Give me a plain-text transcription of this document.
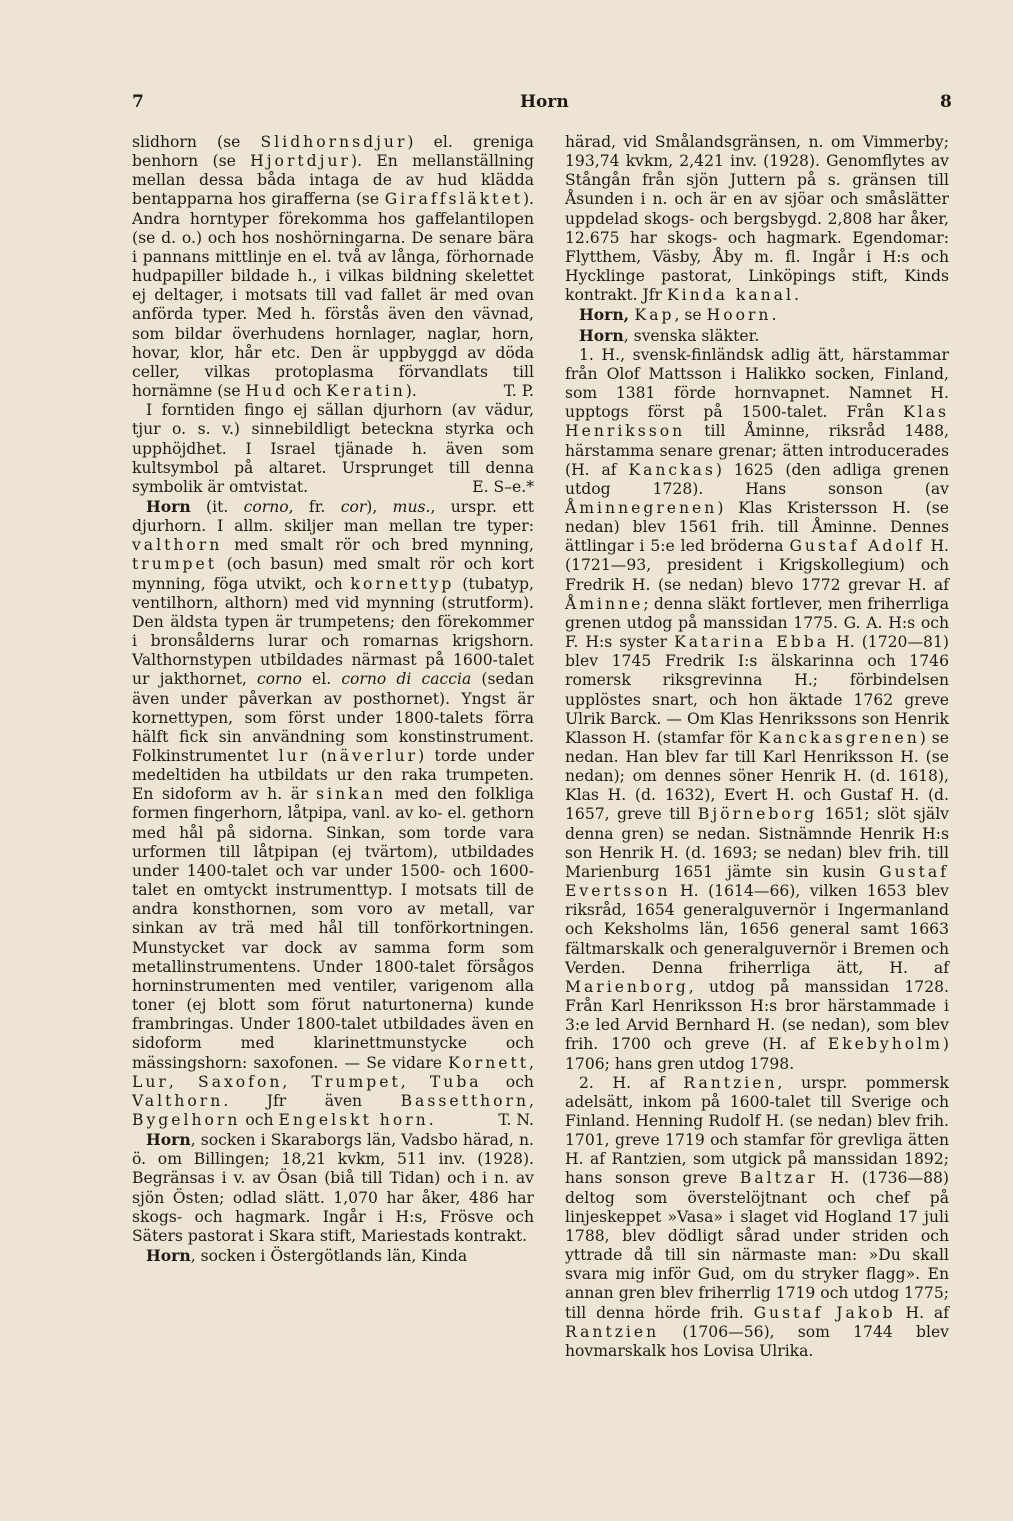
7	Horn	8

slidhorn (se Slidhornsdjur) el. greniga benhorn (se Hjortdjur). En mellanställning mellan dessa båda intaga de av hud klädda bentapparna hos girafferna (se Giraffsläktet). Andra horntyper förekomma hos gaffelantilopen (se d. o.) och hos noshörningarna. De senare bära i pannans mittlinje en el. två av långa, förhornade hudpapiller bildade h., i vilkas bildning skelettet ej deltager, i motsats till vad fallet är med ovan anförda typer. Med h. förstås även den vävnad, som bildar överhudens hornlager, naglar, horn, hovar, klor, hår etc. Den är uppbyggd av döda celler, vilkas protoplasma förvandlats till hornämne (se Hud och Keratin).	T. P.

I forntiden fingo ej sällan djurhorn (av vädur, tjur o. s. v.) sinnebildligt beteckna styrka och upphöjdhet. I Israel tjänade h. även som kultsymbol på altaret. Ursprunget till denna symbolik är omtvistat.	E. S–e.*

Horn (it. corno, fr. cor), mus., urspr. ett djurhorn. I allm. skiljer man mellan tre typer: valthorn med smalt rör och bred mynning, trumpet (och basun) med smalt rör och kort mynning, föga utvikt, och kornettyp (tubatyp, ventilhorn, althorn) med vid mynning (strutform). Den äldsta typen är trumpetens; den förekommer i bronsålderns lurar och romarnas krigshorn. Valthornstypen utbildades närmast på 1600-talet ur jakthornet, corno el. corno di caccia (sedan även under påverkan av posthornet). Yngst är kornettypen, som först under 1800-talets förra hälft fick sin användning som konstinstrument. Folkinstrumentet lur (näverlur) torde under medeltiden ha utbildats ur den raka trumpeten. En sidoform av h. är sinkan med den folkliga formen fingerhorn, låtpipa, vanl. av ko- el. gethorn med hål på sidorna. Sinkan, som torde vara urformen till låtpipan (ej tvärtom), utbildades under 1400-talet och var under 1500- och 1600-talet en omtyckt instrumenttyp. I motsats till de andra konsthornen, som voro av metall, var sinkan av trä med hål till tonförkortningen. Munstycket var dock av samma form som metallinstrumentens. Under 1800-talet försågos horninstrumenten med ventiler, varigenom alla toner (ej blott som förut naturtonerna) kunde frambringas. Under 1800-talet utbildades även en sidoform med klarinettmunstycke och mässingshorn: saxofonen. — Se vidare Kornett, Lur, Saxofon, Trumpet, Tuba och Valthorn. Jfr även Bassetthorn, Bygelhorn och Engelskt horn.	T. N.

Horn, socken i Skaraborgs län, Vadsbo härad, n. ö. om Billingen; 18,21 kvkm, 511 inv. (1928). Begränsas i v. av Ösan (biå till Tidan) och i n. av sjön Östen; odlad slätt. 1,070 har åker, 486 har skogs- och hagmark. Ingår i H:s, Frösve och Säters pastorat i Skara stift, Mariestads kontrakt.

Horn, socken i Östergötlands län, Kinda

härad, vid Smålandsgränsen, n. om Vimmerby; 193,74 kvkm, 2,421 inv. (1928). Genomflytes av Stångån från sjön Juttern på s. gränsen till Åsunden i n. och är en av sjöar och småslätter uppdelad skogs- och bergsbygd. 2,808 har åker, 12.675 har skogs- och hagmark. Egendomar: Flytthem, Väsby, Åby m. fl. Ingår i H:s och Hycklinge pastorat, Linköpings stift, Kinds kontrakt. Jfr Kinda kanal.

Horn, Kap, se Hoorn.

Horn, svenska släkter.

1. H., svensk-finländsk adlig ätt, härstammar från Olof Mattsson i Halikko socken, Finland, som 1381 förde hornvapnet. Namnet H. upptogs först på 1500-talet. Från Klas Henriksson till Åminne, riksråd 1488, härstamma senare grenar; ätten introducerades (H. af Kanckas) 1625 (den adliga grenen utdog 1728). Hans sonson (av Åminnegrenen) Klas Kristersson H. (se nedan) blev 1561 frih. till Åminne. Dennes ättlingar i 5:e led bröderna Gustaf Adolf H. (1721—93, president i Krigskollegium) och Fredrik H. (se nedan) blevo 1772 grevar H. af Åminne; denna släkt fortlever, men friherrliga grenen utdog på manssidan 1775. G. A. H:s och F. H:s syster Katarina Ebba H. (1720—81) blev 1745 Fredrik I:s älskarinna och 1746 romersk riksgrevinna H.; förbindelsen upplöstes snart, och hon äktade 1762 greve Ulrik Barck. — Om Klas Henrikssons son Henrik Klasson H. (stamfar för Kanckasgrenen) se nedan. Han blev far till Karl Henriksson H. (se nedan); om dennes söner Henrik H. (d. 1618), Klas H. (d. 1632), Evert H. och Gustaf H. (d. 1657, greve till Björneborg 1651; slöt själv denna gren) se nedan. Sistnämnde Henrik H:s son Henrik H. (d. 1693; se nedan) blev frih. till Marienburg 1651 jämte sin kusin Gustaf Evertsson H. (1614—66), vilken 1653 blev riksråd, 1654 generalguvernör i Ingermanland och Keksholms län, 1656 general samt 1663 fältmarskalk och generalguvernör i Bremen och Verden. Denna friherrliga ätt, H. af Marienborg, utdog på manssidan 1728. Från Karl Henriksson H:s bror härstammade i 3:e led Arvid Bernhard H. (se nedan), som blev frih. 1700 och greve (H. af Ekebyholm) 1706; hans gren utdog 1798.

2. H. af Rantzien, urspr. pommersk adelsätt, inkom på 1600-talet till Sverige och Finland. Henning Rudolf H. (se nedan) blev frih. 1701, greve 1719 och stamfar för grevliga ätten H. af Rantzien, som utgick på manssidan 1892; hans sonson greve Baltzar H. (1736—88) deltog som överstelöjtnant och chef på linjeskeppet »Vasa» i slaget vid Hogland 17 juli 1788, blev dödligt sårad under striden och yttrade då till sin närmaste man: »Du skall svara mig inför Gud, om du stryker flagg». En annan gren blev friherrlig 1719 och utdog 1775; till denna hörde frih. Gustaf Jakob H. af Rantzien (1706—56), som 1744 blev hovmarskalk hos Lovisa Ulrika.
